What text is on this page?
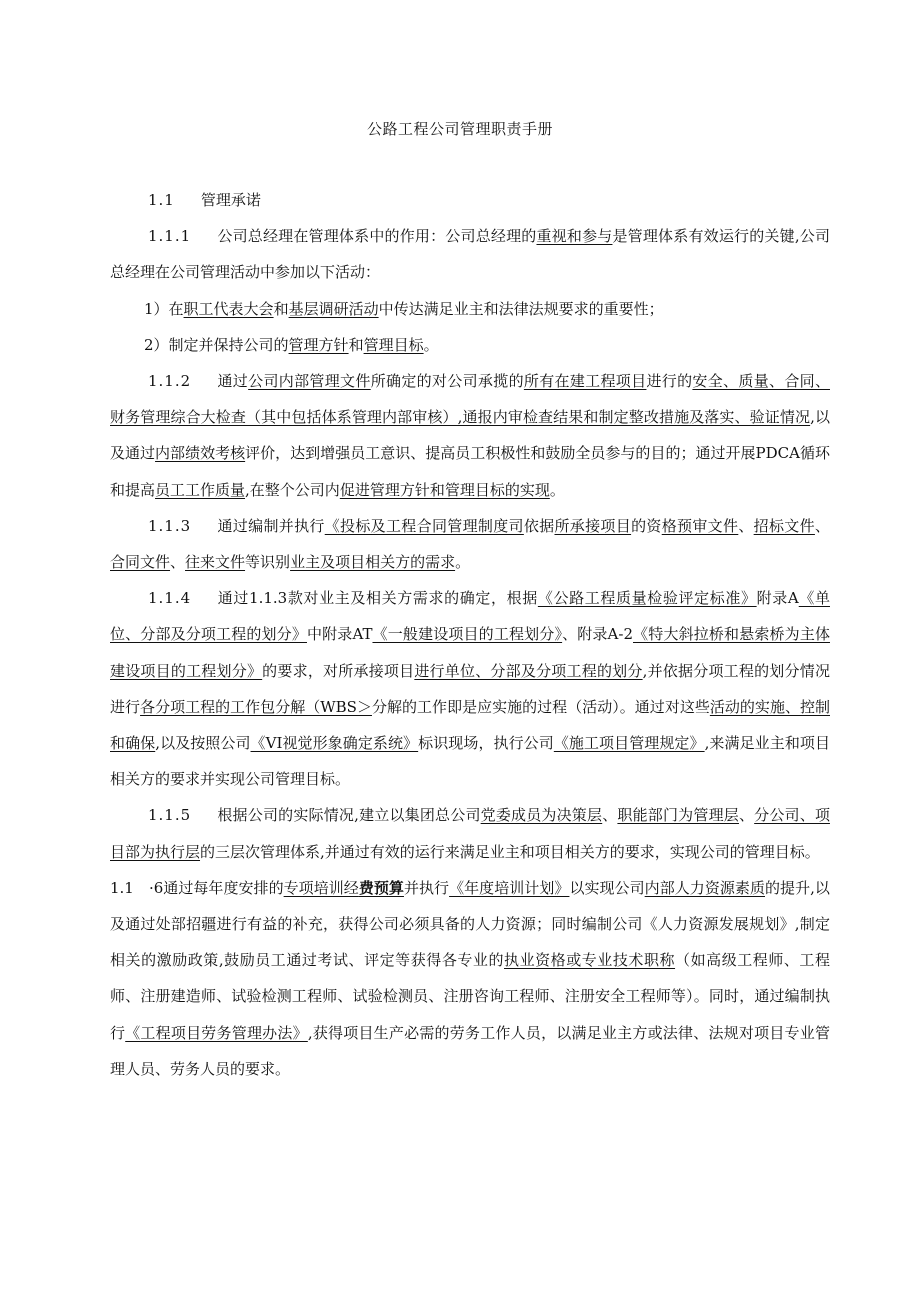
公路工程公司管理职责手册

1.1 管理承诺

1.1.1 公司总经理在管理体系中的作用：公司总经理的重视和参与是管理体系有效运行的关键,公司总经理在公司管理活动中参加以下活动：

1）在职工代表大会和基层调研活动中传达满足业主和法律法规要求的重要性；

2）制定并保持公司的管理方针和管理目标。

1.1.2 通过公司内部管理文件所确定的对公司承揽的所有在建工程项目进行的安全、质量、合同、财务管理综合大检查（其中包括体系管理内部审核）,通报内审检查结果和制定整改措施及落实、验证情况,以及通过内部绩效考核评价，达到增强员工意识、提高员工积极性和鼓励全员参与的目的；通过开展PDCA循环和提高员工工作质量,在整个公司内促进管理方针和管理目标的实现。

1.1.3 通过编制并执行《投标及工程合同管理制度司依据所承接项目的资格预审文件、招标文件、合同文件、往来文件等识别业主及项目相关方的需求。

1.1.4 通过1.1.3款对业主及相关方需求的确定，根据《公路工程质量检验评定标准》附录A《单位、分部及分项工程的划分》中附录AT《一般建设项目的工程划分》、附录A-2《特大斜拉桥和悬索桥为主体建设项目的工程划分》的要求，对所承接项目进行单位、分部及分项工程的划分,并依据分项工程的划分情况进行各分项工程的工作包分解（WBS＞分解的工作即是应实施的过程（活动）。通过对这些活动的实施、控制和确保,以及按照公司《VI视觉形象确定系统》标识现场，执行公司《施工项目管理规定》,来满足业主和项目相关方的要求并实现公司管理目标。

1.1.5 根据公司的实际情况,建立以集团总公司党委成员为决策层、职能部门为管理层、分公司、项目部为执行层的三层次管理体系,并通过有效的运行来满足业主和项目相关方的要求，实现公司的管理目标。

1.1　·6通过每年度安排的专项培训经费预算并执行《年度培训计划》以实现公司内部人力资源素质的提升,以及通过处部招疆进行有益的补充，获得公司必须具备的人力资源；同时编制公司《人力资源发展规划》,制定相关的激励政策,鼓励员工通过考试、评定等获得各专业的执业资格或专业技术职称（如高级工程师、工程师、注册建造师、试验检测工程师、试验检测员、注册咨询工程师、注册安全工程师等）。同时，通过编制执行《工程项目劳务管理办法》,获得项目生产必需的劳务工作人员，以满足业主方或法律、法规对项目专业管理人员、劳务人员的要求。
